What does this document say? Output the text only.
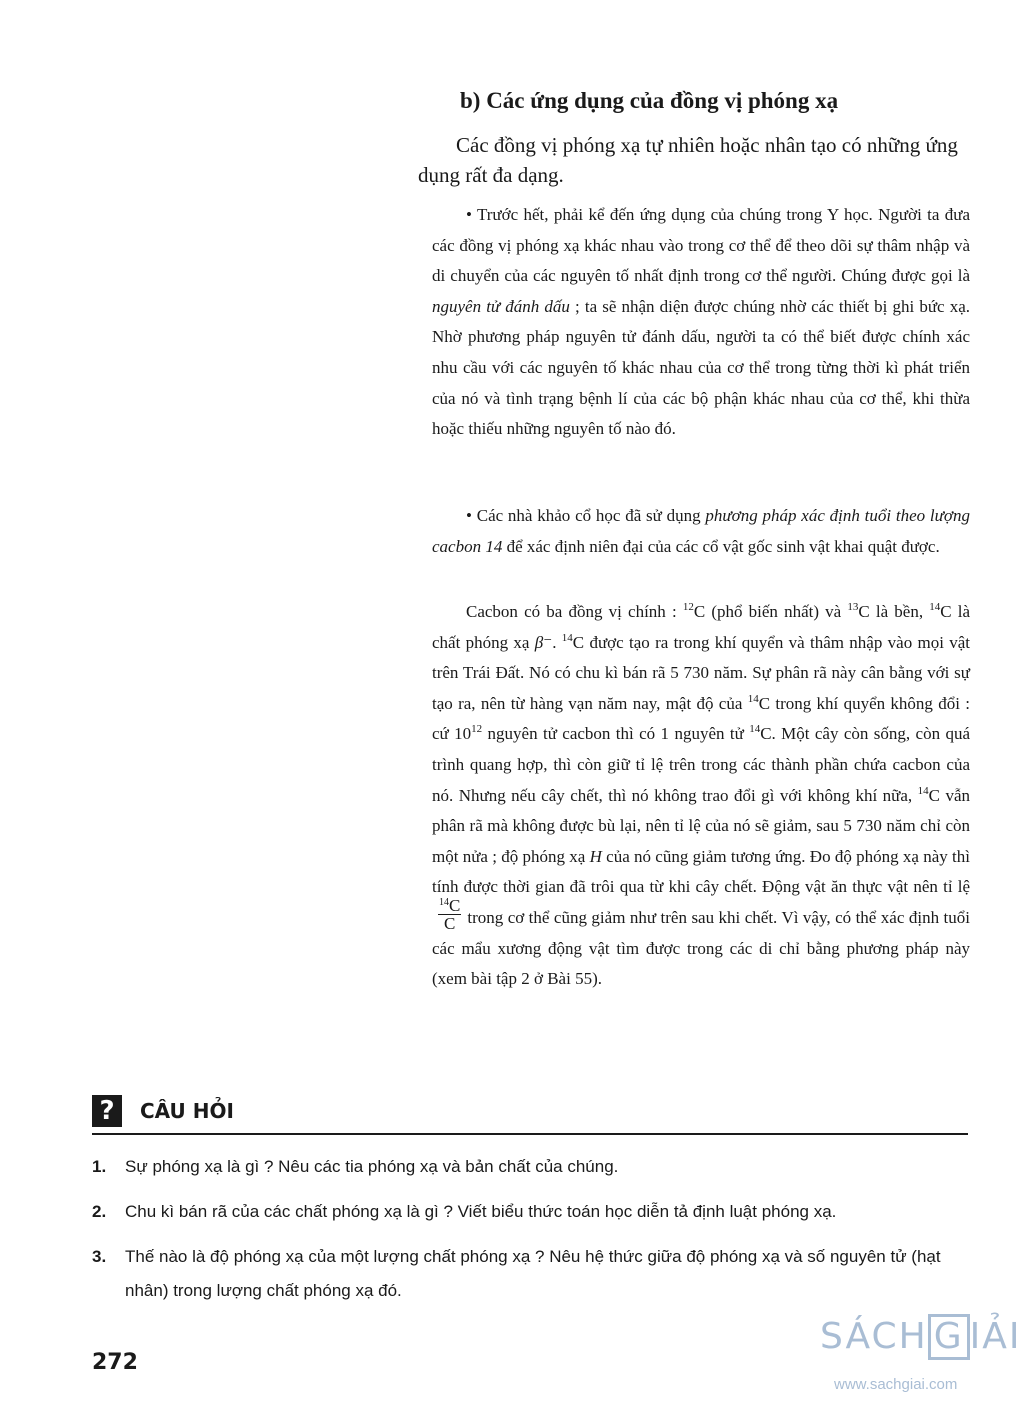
b) Các ứng dụng của đồng vị phóng xạ

Các đồng vị phóng xạ tự nhiên hoặc nhân tạo có những ứng dụng rất đa dạng.

• Trước hết, phải kể đến ứng dụng của chúng trong Y học. Người ta đưa các đồng vị phóng xạ khác nhau vào trong cơ thể để theo dõi sự thâm nhập và di chuyển của các nguyên tố nhất định trong cơ thể người. Chúng được gọi là nguyên tử đánh dấu ; ta sẽ nhận diện được chúng nhờ các thiết bị ghi bức xạ. Nhờ phương pháp nguyên tử đánh dấu, người ta có thể biết được chính xác nhu cầu với các nguyên tố khác nhau của cơ thể trong từng thời kì phát triển của nó và tình trạng bệnh lí của các bộ phận khác nhau của cơ thể, khi thừa hoặc thiếu những nguyên tố nào đó.

• Các nhà khảo cổ học đã sử dụng phương pháp xác định tuổi theo lượng cacbon 14 để xác định niên đại của các cổ vật gốc sinh vật khai quật được.

Cacbon có ba đồng vị chính : $^{12}$C (phổ biến nhất) và $^{13}$C là bền, $^{14}$C là chất phóng xạ β⁻. $^{14}$C được tạo ra trong khí quyển và thâm nhập vào mọi vật trên Trái Đất. Nó có chu kì bán rã 5 730 năm. Sự phân rã này cân bằng với sự tạo ra, nên từ hàng vạn năm nay, mật độ của $^{14}$C trong khí quyển không đổi : cứ $10^{12}$ nguyên tử cacbon thì có 1 nguyên tử $^{14}$C. Một cây còn sống, còn quá trình quang hợp, thì còn giữ tỉ lệ trên trong các thành phần chứa cacbon của nó. Nhưng nếu cây chết, thì nó không trao đổi gì với không khí nữa, $^{14}$C vẫn phân rã mà không được bù lại, nên tỉ lệ của nó sẽ giảm, sau 5 730 năm chỉ còn một nửa ; độ phóng xạ H của nó cũng giảm tương ứng. Đo độ phóng xạ này thì tính được thời gian đã trôi qua từ khi cây chết. Động vật ăn thực vật nên tỉ lệ
$\frac{^{14}C}{C}$ trong cơ thể cũng giảm như trên sau khi chết. Vì vậy, có thể xác định tuổi các mẩu xương động vật tìm được trong các di chỉ bằng phương pháp này (xem bài tập 2 ở Bài 55).

?	CÂU HỎI
1. Sự phóng xạ là gì ? Nêu các tia phóng xạ và bản chất của chúng.
2. Chu kì bán rã của các chất phóng xạ là gì ? Viết biểu thức toán học diễn tả định luật phóng xạ.
3. Thế nào là độ phóng xạ của một lượng chất phóng xạ ? Nêu hệ thức giữa độ phóng xạ và số nguyên tử (hạt nhân) trong lượng chất phóng xạ đó.
272
SÁCH G IẢI
www.sachgiai.com
